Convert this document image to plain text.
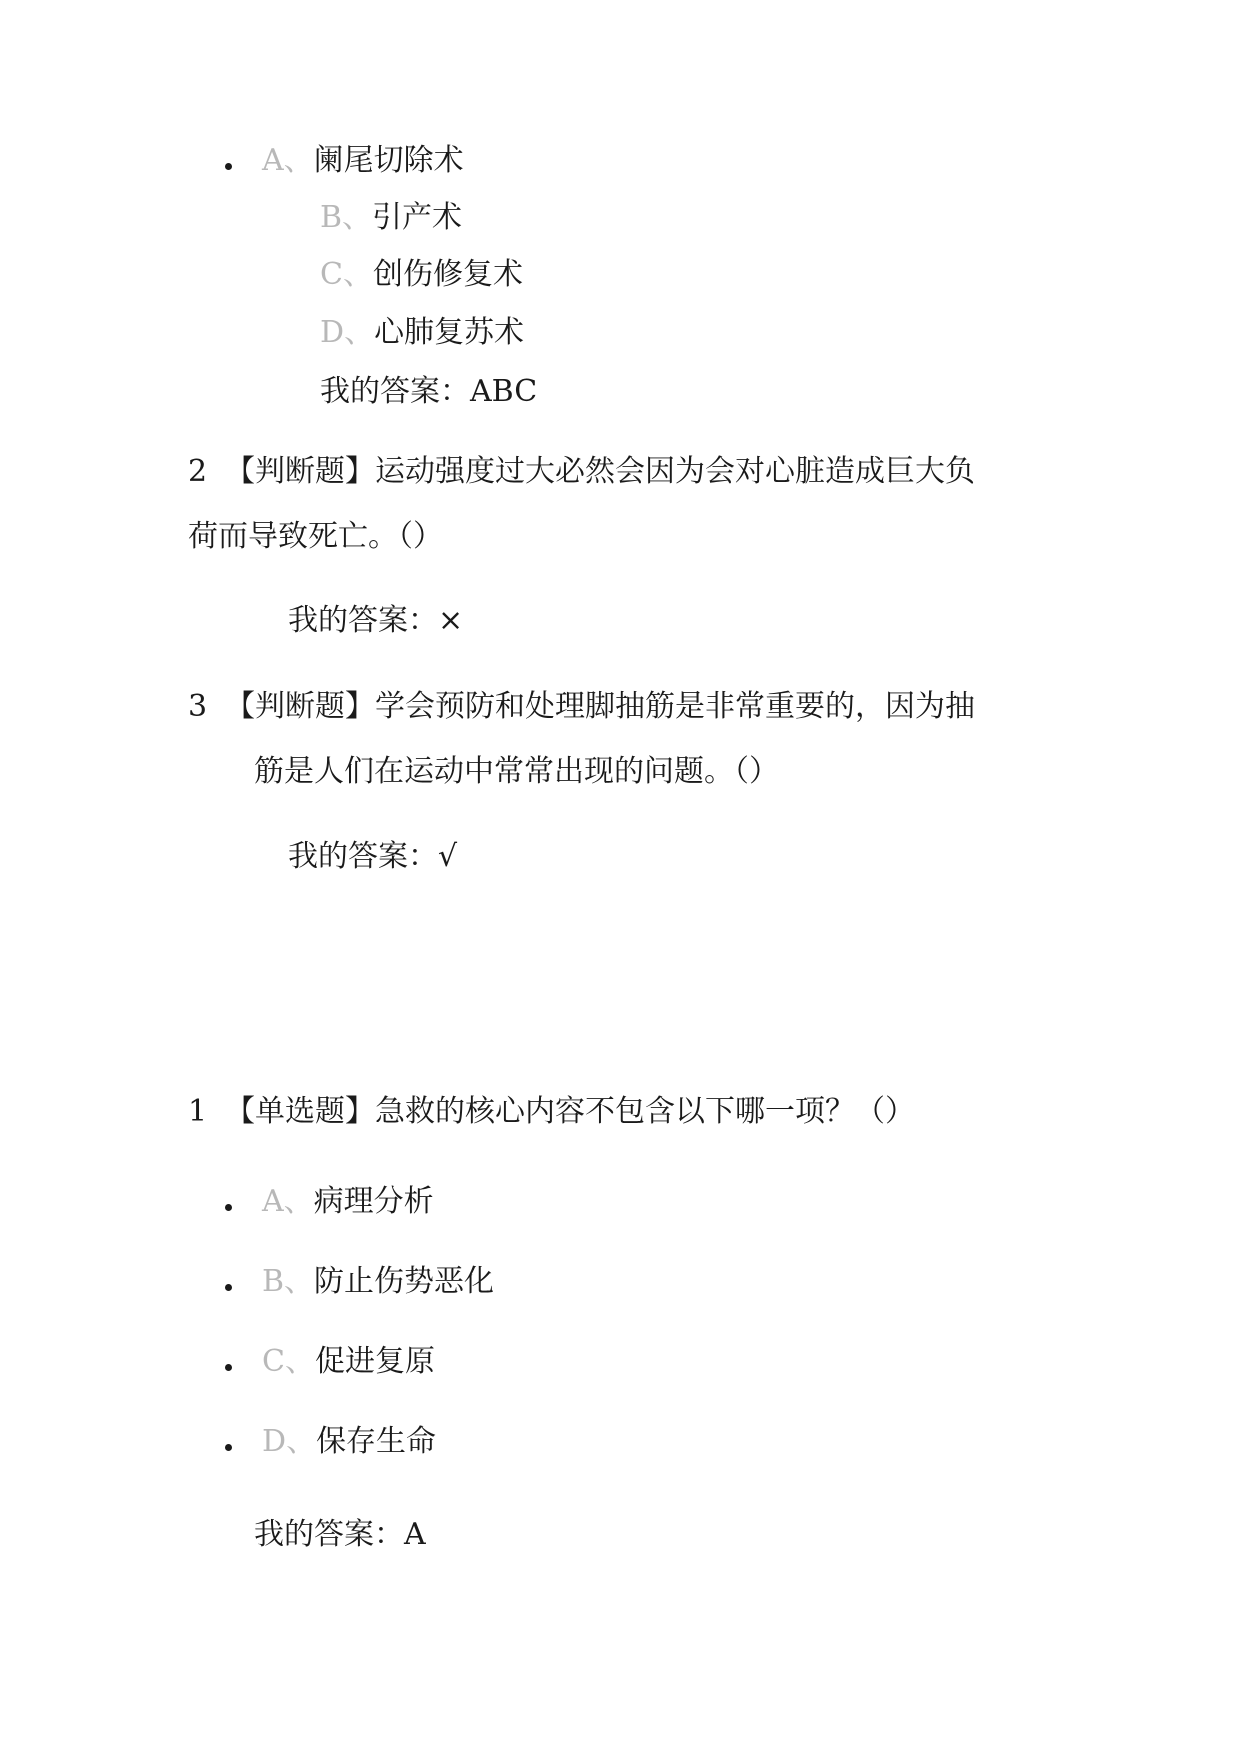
A、阑尾切除术
B、引产术
C、创伤修复术
D、心肺复苏术
我的答案：ABC
2 【判断题】运动强度过大必然会因为会对心脏造成巨大负
荷而导致死亡。（）
我的答案：×
3 【判断题】学会预防和处理脚抽筋是非常重要的，因为抽
筋是人们在运动中常常出现的问题。（）
我的答案：√
1 【单选题】急救的核心内容不包含以下哪一项？（）
A、病理分析
B、防止伤势恶化
C、促进复原
D、保存生命
我的答案：A
